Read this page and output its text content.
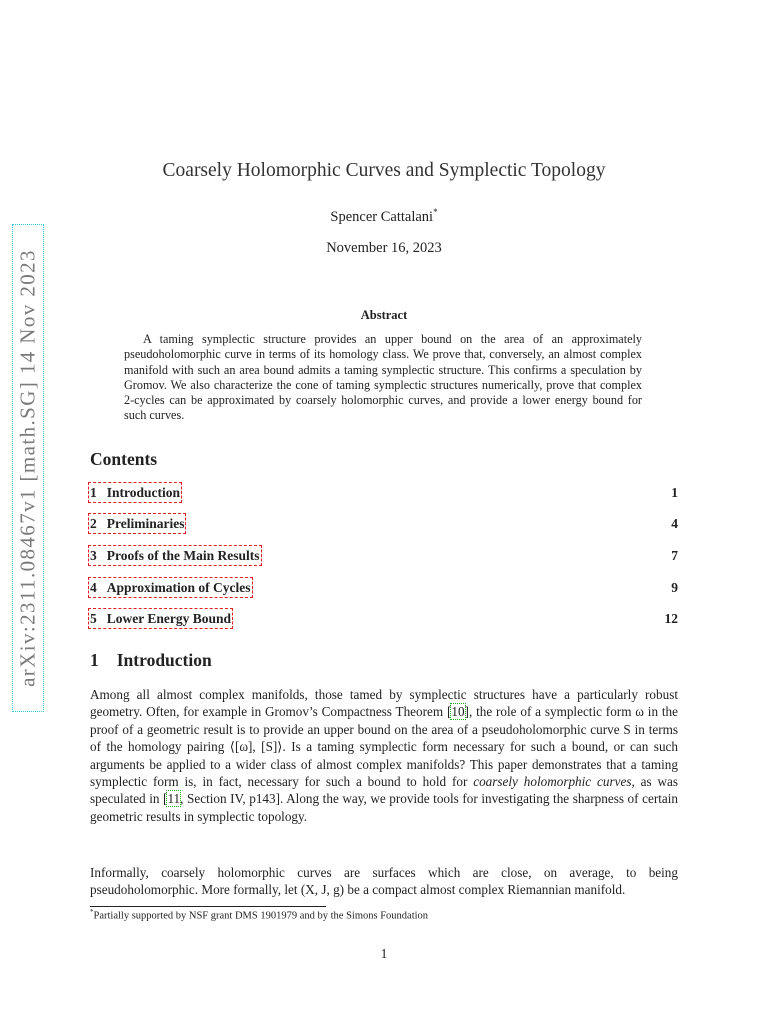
arXiv:2311.08467v1 [math.SG] 14 Nov 2023
Coarsely Holomorphic Curves and Symplectic Topology
Spencer Cattalani*
November 16, 2023
Abstract
A taming symplectic structure provides an upper bound on the area of an approximately pseudoholomorphic curve in terms of its homology class. We prove that, conversely, an almost complex manifold with such an area bound admits a taming symplectic structure. This confirms a speculation by Gromov. We also characterize the cone of taming symplectic structures numerically, prove that complex 2-cycles can be approximated by coarsely holomorphic curves, and provide a lower energy bound for such curves.
Contents
1 Introduction	1
2 Preliminaries	4
3 Proofs of the Main Results	7
4 Approximation of Cycles	9
5 Lower Energy Bound	12
1 Introduction
Among all almost complex manifolds, those tamed by symplectic structures have a particularly robust geometry. Often, for example in Gromov’s Compactness Theorem [10], the role of a symplectic form ω in the proof of a geometric result is to provide an upper bound on the area of a pseudoholomorphic curve S in terms of the homology pairing ⟨[ω], [S]⟩. Is a taming symplectic form necessary for such a bound, or can such arguments be applied to a wider class of almost complex manifolds? This paper demonstrates that a taming symplectic form is, in fact, necessary for such a bound to hold for coarsely holomorphic curves, as was speculated in [11, Section IV, p143]. Along the way, we provide tools for investigating the sharpness of certain geometric results in symplectic topology.
Informally, coarsely holomorphic curves are surfaces which are close, on average, to being pseudoholomorphic. More formally, let (X, J, g) be a compact almost complex Riemannian manifold.
*Partially supported by NSF grant DMS 1901979 and by the Simons Foundation
1
